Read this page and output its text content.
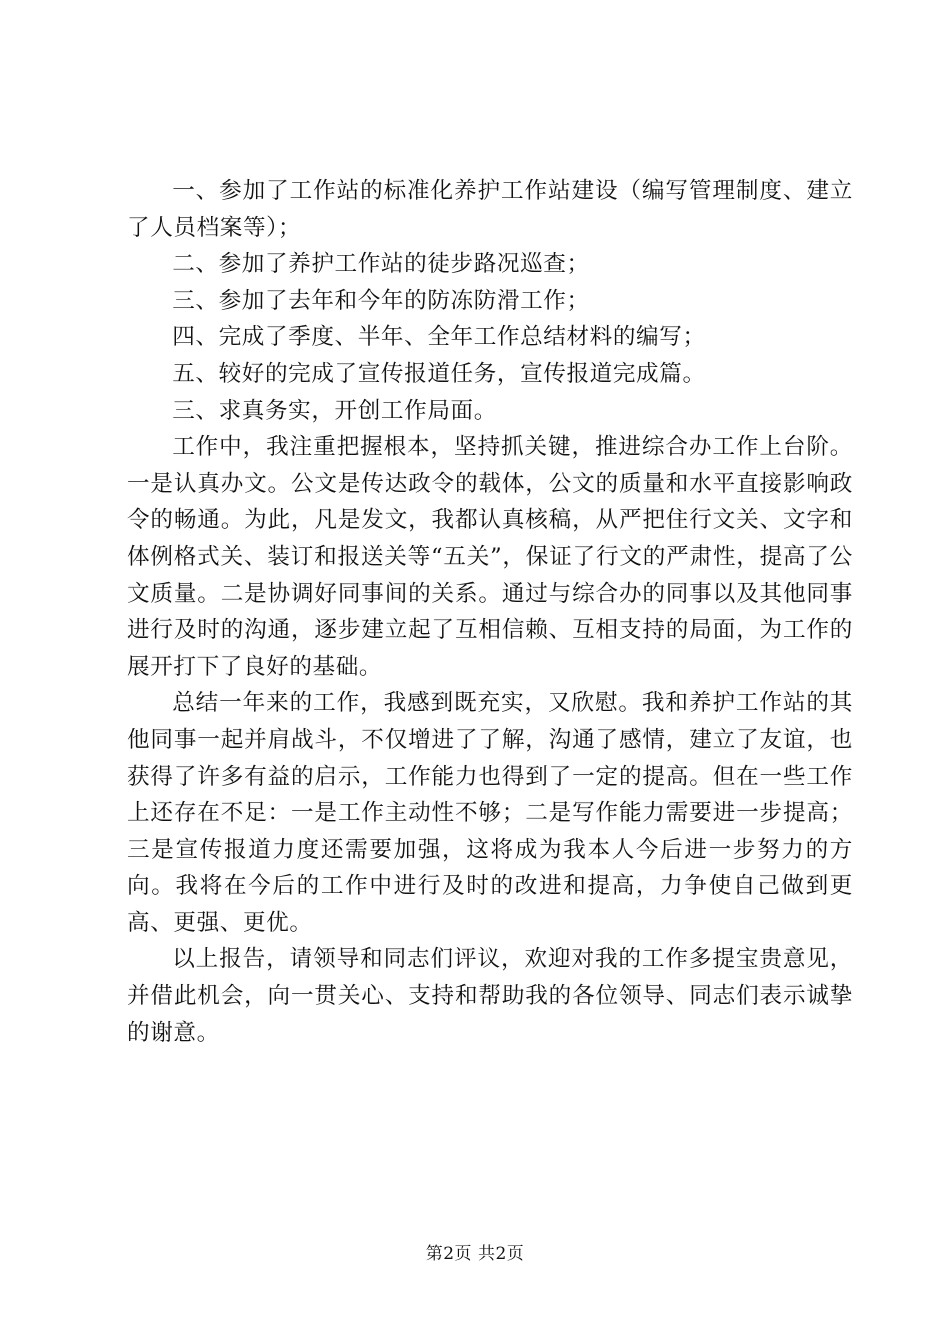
一、参加了工作站的标准化养护工作站建设（编写管理制度、建立了人员档案等）；

二、参加了养护工作站的徒步路况巡查；

三、参加了去年和今年的防冻防滑工作；

四、完成了季度、半年、全年工作总结材料的编写；

五、较好的完成了宣传报道任务，宣传报道完成篇。

三、求真务实，开创工作局面。

工作中，我注重把握根本，坚持抓关键，推进综合办工作上台阶。一是认真办文。公文是传达政令的载体，公文的质量和水平直接影响政令的畅通。为此，凡是发文，我都认真核稿，从严把住行文关、文字和体例格式关、装订和报送关等“五关”，保证了行文的严肃性，提高了公文质量。二是协调好同事间的关系。通过与综合办的同事以及其他同事进行及时的沟通，逐步建立起了互相信赖、互相支持的局面，为工作的展开打下了良好的基础。

总结一年来的工作，我感到既充实，又欣慰。我和养护工作站的其他同事一起并肩战斗，不仅增进了了解，沟通了感情，建立了友谊，也获得了许多有益的启示，工作能力也得到了一定的提高。但在一些工作上还存在不足：一是工作主动性不够；二是写作能力需要进一步提高；三是宣传报道力度还需要加强，这将成为我本人今后进一步努力的方向。我将在今后的工作中进行及时的改进和提高，力争使自己做到更高、更强、更优。

以上报告，请领导和同志们评议，欢迎对我的工作多提宝贵意见，并借此机会，向一贯关心、支持和帮助我的各位领导、同志们表示诚挚的谢意。

第2页 共2页
